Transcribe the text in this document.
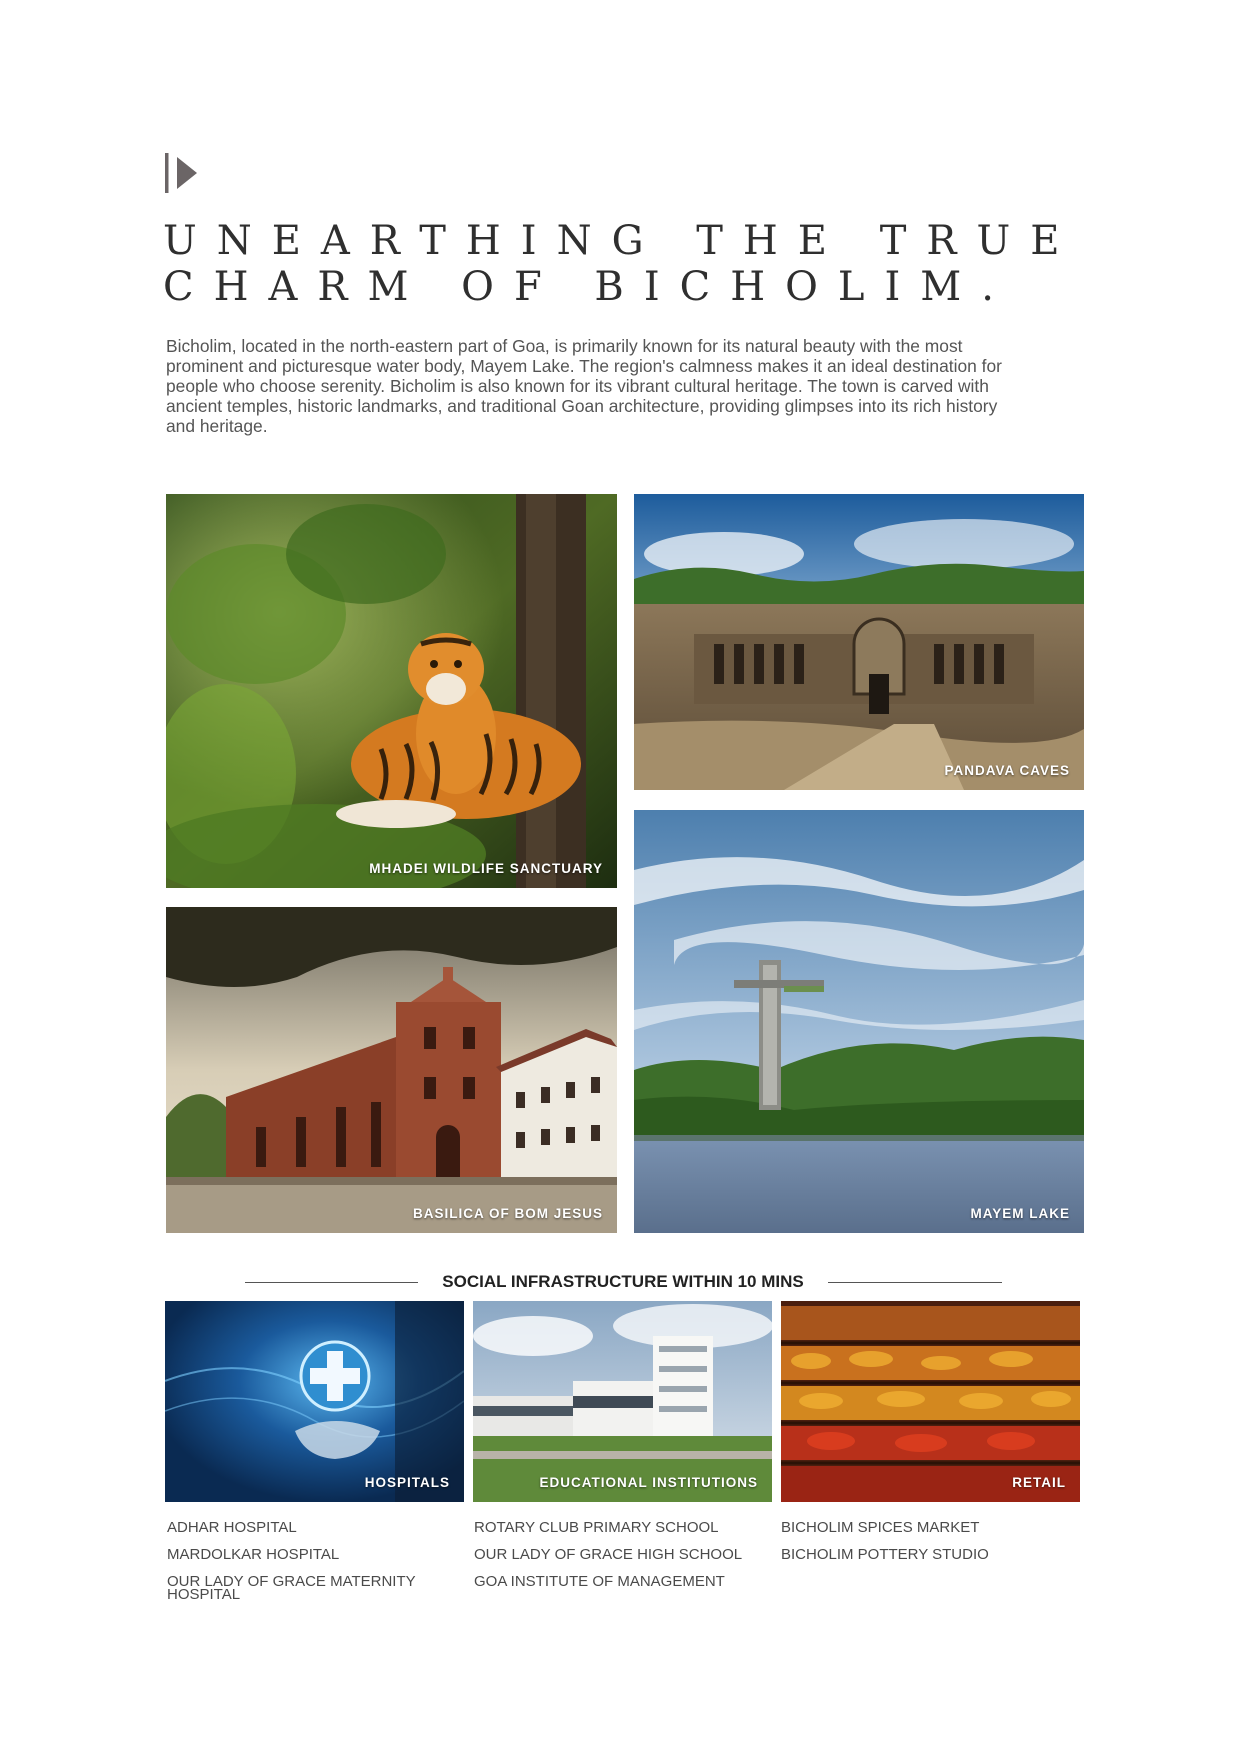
UNEARTHING THE TRUE
CHARM OF BICHOLIM.

Bicholim, located in the north-eastern part of Goa, is primarily known for its natural beauty with the most prominent and picturesque water body, Mayem Lake. The region's calmness makes it an ideal destination for people who choose serenity. Bicholim is also known for its vibrant cultural heritage. The town is carved with ancient temples, historic landmarks, and traditional Goan architecture, providing glimpses into its rich history and heritage.

MHADEI WILDLIFE SANCTUARY
PANDAVA CAVES
BASILICA OF BOM JESUS	MAYEM LAKE
SOCIAL INFRASTRUCTURE WITHIN 10 MINS
HOSPITALS	EDUCATIONAL INSTITUTIONS	RETAIL
ADHAR HOSPITAL
MARDOLKAR HOSPITAL
OUR LADY OF GRACE MATERNITY HOSPITAL
ROTARY CLUB PRIMARY SCHOOL
OUR LADY OF GRACE HIGH SCHOOL
GOA INSTITUTE OF MANAGEMENT
BICHOLIM SPICES MARKET
BICHOLIM POTTERY STUDIO
